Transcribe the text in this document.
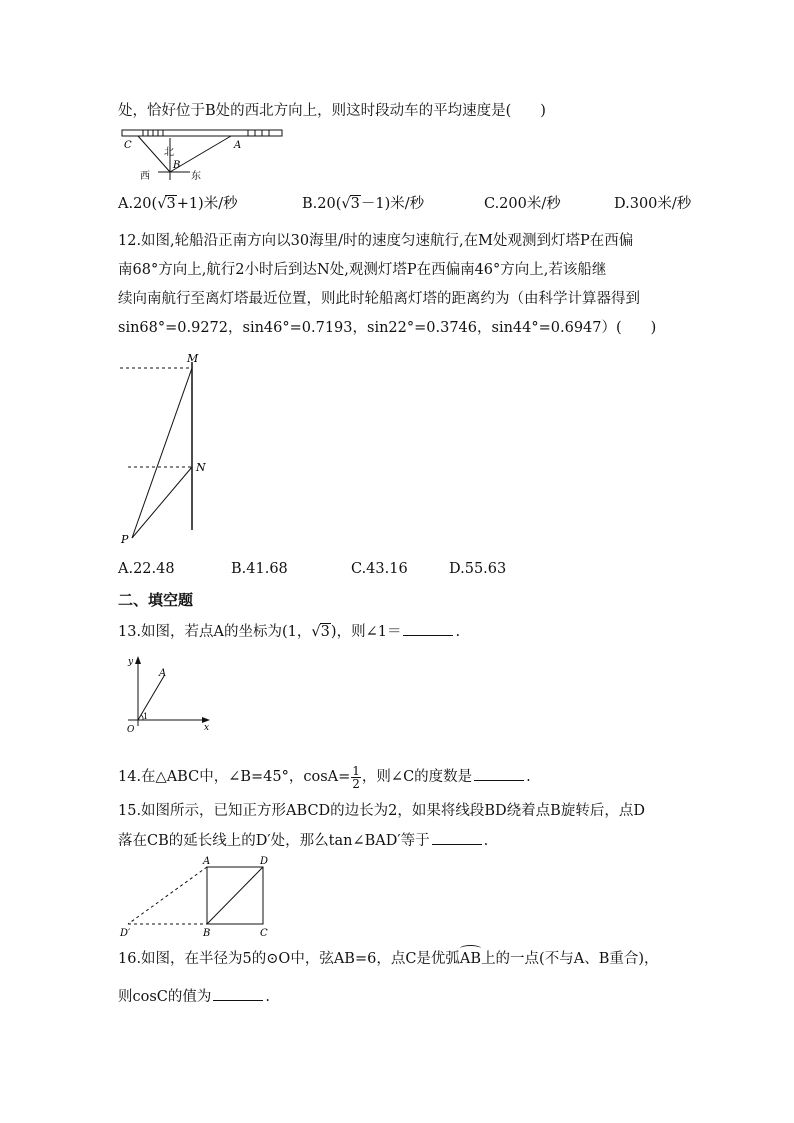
处，恰好位于B处的西北方向上，则这时段动车的平均速度是(　　)
C	A
B
北
西	东
A.20(√3+1)米/秒	B.20(√3－1)米/秒	C.200米/秒	D.300米/秒
12.如图,轮船沿正南方向以30海里/时的速度匀速航行,在M处观测到灯塔P在西偏
南68°方向上,航行2小时后到达N处,观测灯塔P在西偏南46°方向上,若该船继
续向南航行至离灯塔最近位置，则此时轮船离灯塔的距离约为（由科学计算器得到
sin68°=0.9272，sin46°=0.7193，sin22°=0.3746，sin44°=0.6947）(　　)
M
N
P
A.22.48	B.41.68	C.43.16	D.55.63
二、填空题
13.如图，若点A的坐标为(1，√3)，则∠1＝	.
y
x
A
O
1
14.在△ABC中，∠B=45°，$\cos A= \frac{1}{2}$ ，则∠C的度数是	.
15.如图所示，已知正方形ABCD的边长为2，如果将线段BD绕着点B旋转后，点D
落在CB的延长线上的D′处，那么tan∠BAD′等于	.
A	D
B	C
D′
16.如图，在半径为5的⊙O中，弦AB=6，点C是优弧AB上的一点(不与A、B重合)，
则cosC的值为	.
